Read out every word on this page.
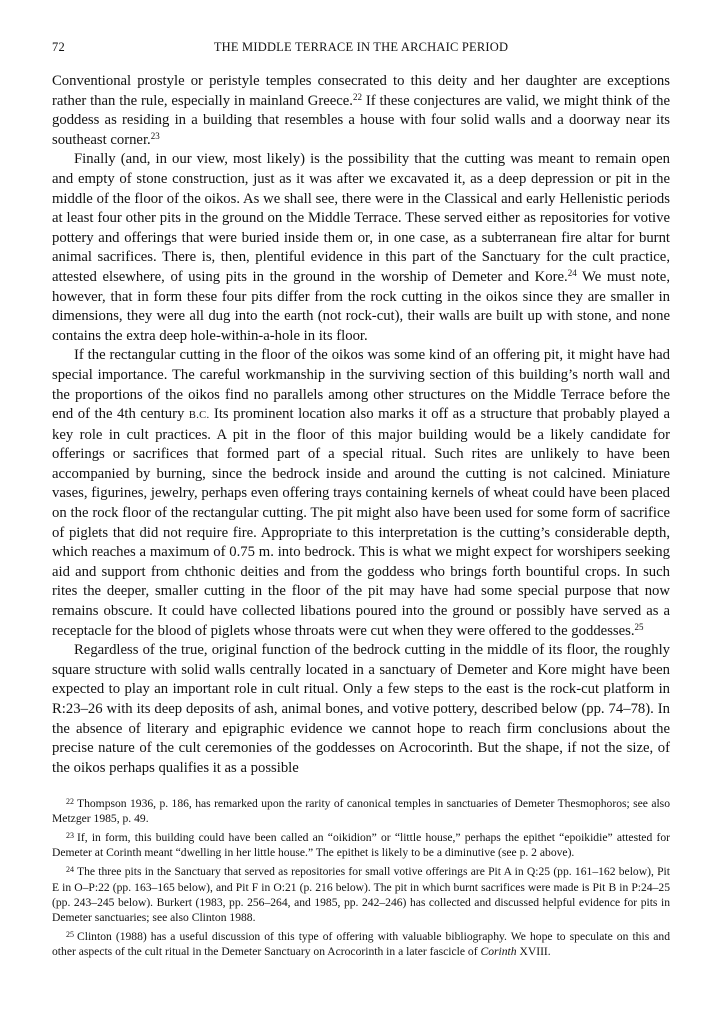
72	THE MIDDLE TERRACE IN THE ARCHAIC PERIOD

Conventional prostyle or peristyle temples consecrated to this deity and her daughter are exceptions rather than the rule, especially in mainland Greece.$^{22}$ If these conjectures are valid, we might think of the goddess as residing in a building that resembles a house with four solid walls and a doorway near its southeast corner.$^{23}$

Finally (and, in our view, most likely) is the possibility that the cutting was meant to remain open and empty of stone construction, just as it was after we excavated it, as a deep depression or pit in the middle of the floor of the oikos. As we shall see, there were in the Classical and early Hellenistic periods at least four other pits in the ground on the Middle Terrace. These served either as repositories for votive pottery and offerings that were buried inside them or, in one case, as a subterranean fire altar for burnt animal sacrifices. There is, then, plentiful evidence in this part of the Sanctuary for the cult practice, attested elsewhere, of using pits in the ground in the worship of Demeter and Kore.$^{24}$ We must note, however, that in form these four pits differ from the rock cutting in the oikos since they are smaller in dimensions, they were all dug into the earth (not rock-cut), their walls are built up with stone, and none contains the extra deep hole-within-a-hole in its floor.

If the rectangular cutting in the floor of the oikos was some kind of an offering pit, it might have had special importance. The careful workmanship in the surviving section of this building’s north wall and the proportions of the oikos find no parallels among other structures on the Middle Terrace before the end of the 4th century B.C. Its prominent location also marks it off as a structure that probably played a key role in cult practices. A pit in the floor of this major building would be a likely candidate for offerings or sacrifices that formed part of a special ritual. Such rites are unlikely to have been accompanied by burning, since the bedrock inside and around the cutting is not calcined. Miniature vases, figurines, jewelry, perhaps even offering trays containing kernels of wheat could have been placed on the rock floor of the rectangular cutting. The pit might also have been used for some form of sacrifice of piglets that did not require fire. Appropriate to this interpretation is the cutting’s considerable depth, which reaches a maximum of 0.75 m. into bedrock. This is what we might expect for worshipers seeking aid and support from chthonic deities and from the goddess who brings forth bountiful crops. In such rites the deeper, smaller cutting in the floor of the pit may have had some special purpose that now remains obscure. It could have collected libations poured into the ground or possibly have served as a receptacle for the blood of piglets whose throats were cut when they were offered to the goddesses.$^{25}$

Regardless of the true, original function of the bedrock cutting in the middle of its floor, the roughly square structure with solid walls centrally located in a sanctuary of Demeter and Kore might have been expected to play an important role in cult ritual. Only a few steps to the east is the rock-cut platform in R:23–26 with its deep deposits of ash, animal bones, and votive pottery, described below (pp. 74–78). In the absence of literary and epigraphic evidence we cannot hope to reach firm conclusions about the precise nature of the cult ceremonies of the goddesses on Acrocorinth. But the shape, if not the size, of the oikos perhaps qualifies it as a possible

$^{22}$ Thompson 1936, p. 186, has remarked upon the rarity of canonical temples in sanctuaries of Demeter Thesmophoros; see also Metzger 1985, p. 49.

$^{23}$ If, in form, this building could have been called an “oikidion” or “little house,” perhaps the epithet “epoikidie” attested for Demeter at Corinth meant “dwelling in her little house.” The epithet is likely to be a diminutive (see p. 2 above).

$^{24}$ The three pits in the Sanctuary that served as repositories for small votive offerings are Pit A in Q:25 (pp. 161–162 below), Pit E in O–P:22 (pp. 163–165 below), and Pit F in O:21 (p. 216 below). The pit in which burnt sacrifices were made is Pit B in P:24–25 (pp. 243–245 below). Burkert (1983, pp. 256–264, and 1985, pp. 242–246) has collected and discussed helpful evidence for pits in Demeter sanctuaries; see also Clinton 1988.

$^{25}$ Clinton (1988) has a useful discussion of this type of offering with valuable bibliography. We hope to speculate on this and other aspects of the cult ritual in the Demeter Sanctuary on Acrocorinth in a later fascicle of Corinth XVIII.
